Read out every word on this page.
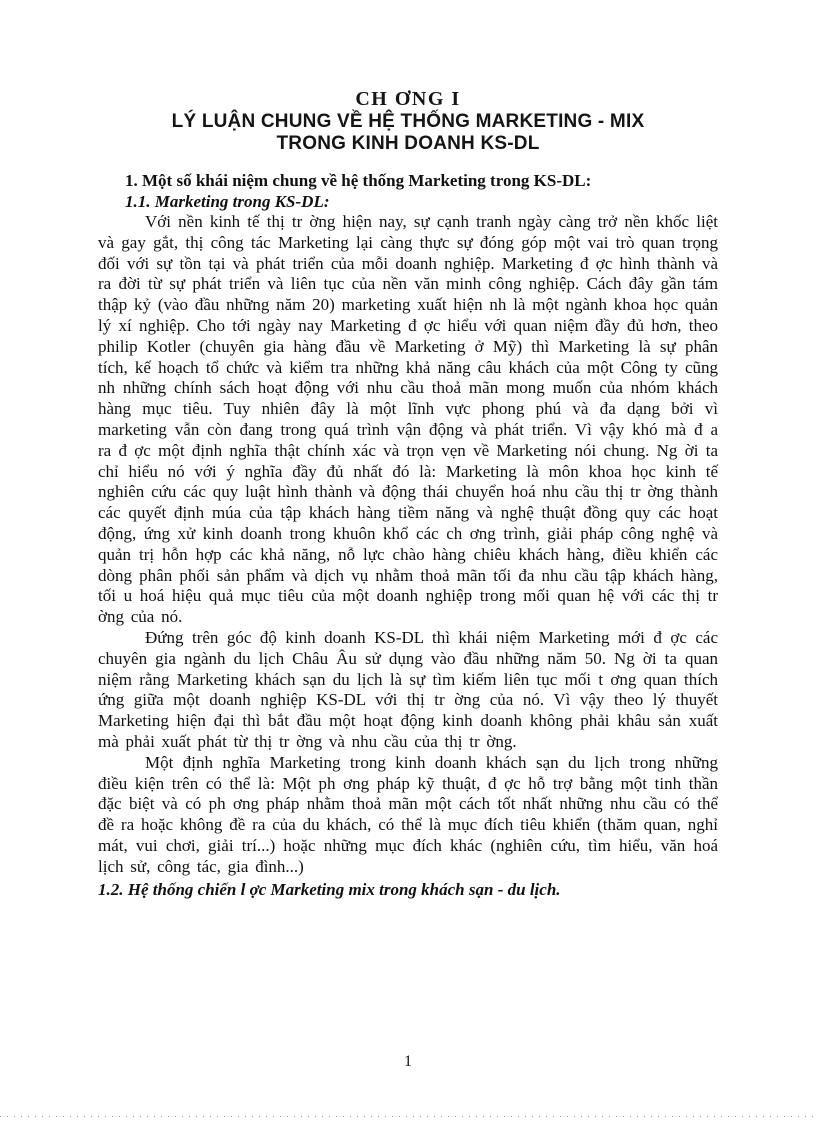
CH ƠNG I
LÝ LUẬN CHUNG VỀ HỆ THỐNG MARKETING - MIX
TRONG KINH DOANH KS-DL
1. Một số khái niệm chung về hệ thống Marketing trong KS-DL:
1.1. Marketing trong KS-DL:

Với nền kinh tế thị tr ờng hiện nay, sự cạnh tranh ngày càng trở nền khốc liệt và gay gắt, thị công tác Marketing lại càng thực sự đóng góp một vai trò quan trọng đối với sự tồn tại và phát triển của mỗi doanh nghiệp. Marketing đ ợc hình thành và ra đời từ sự phát triển và liên tục của nền văn minh công nghiệp. Cách đây gần tám thập kỷ (vào đầu những năm 20) marketing xuất hiện nh là một ngành khoa học quản lý xí nghiệp. Cho tới ngày nay Marketing đ ợc hiểu với quan niệm đầy đủ hơn, theo philip Kotler (chuyên gia hàng đầu về Marketing ở Mỹ) thì Marketing là sự phân tích, kế hoạch tổ chức và kiểm tra những khả năng câu khách của một Công ty cũng nh những chính sách hoạt động với nhu cầu thoả mãn mong muốn của nhóm khách hàng mục tiêu. Tuy nhiên đây là một lĩnh vực phong phú và đa dạng bởi vì marketing vẫn còn đang trong quá trình vận động và phát triển. Vì vậy khó mà đ a ra đ ợc một định nghĩa thật chính xác và trọn vẹn về Marketing nói chung. Ng ời ta chỉ hiểu nó với ý nghĩa đầy đủ nhất đó là: Marketing là môn khoa học kinh tế nghiên cứu các quy luật hình thành và động thái chuyển hoá nhu cầu thị tr ờng thành các quyết định múa của tập khách hàng tiềm năng và nghệ thuật đồng quy các hoạt động, ứng xử kinh doanh trong khuôn khổ các ch ơng trình, giải pháp công nghệ và quản trị hỗn hợp các khả năng, nỗ lực chào hàng chiêu khách hàng, điều khiển các dòng phân phối sản phẩm và dịch vụ nhằm thoả mãn tối đa nhu cầu tập khách hàng, tối u hoá hiệu quả mục tiêu của một doanh nghiệp trong mối quan hệ với các thị tr ờng của nó.

Đứng trên góc độ kinh doanh KS-DL thì khái niệm Marketing mới đ ợc các chuyên gia ngành du lịch Châu Âu sử dụng vào đầu những năm 50. Ng ời ta quan niệm rằng Marketing khách sạn du lịch là sự tìm kiếm liên tục mối t ơng quan thích ứng giữa một doanh nghiệp KS-DL với thị tr ờng của nó. Vì vậy theo lý thuyết Marketing hiện đại thì bắt đầu một hoạt động kinh doanh không phải khâu sản xuất mà phải xuất phát từ thị tr ờng và nhu cầu của thị tr ờng.

Một định nghĩa Marketing trong kinh doanh khách sạn du lịch trong những điều kiện trên có thể là: Một ph ơng pháp kỹ thuật, đ ợc hỗ trợ bằng một tinh thần đặc biệt và có ph ơng pháp nhằm thoả mãn một cách tốt nhất những nhu cầu có thể đề ra hoặc không đề ra của du khách, có thể là mục đích tiêu khiển (thăm quan, nghỉ mát, vui chơi, giải trí...) hoặc những mục đích khác (nghiên cứu, tìm hiểu, văn hoá lịch sử, công tác, gia đình...)

1.2. Hệ thống chiến l ợc Marketing mix trong khách sạn - du lịch.
1
